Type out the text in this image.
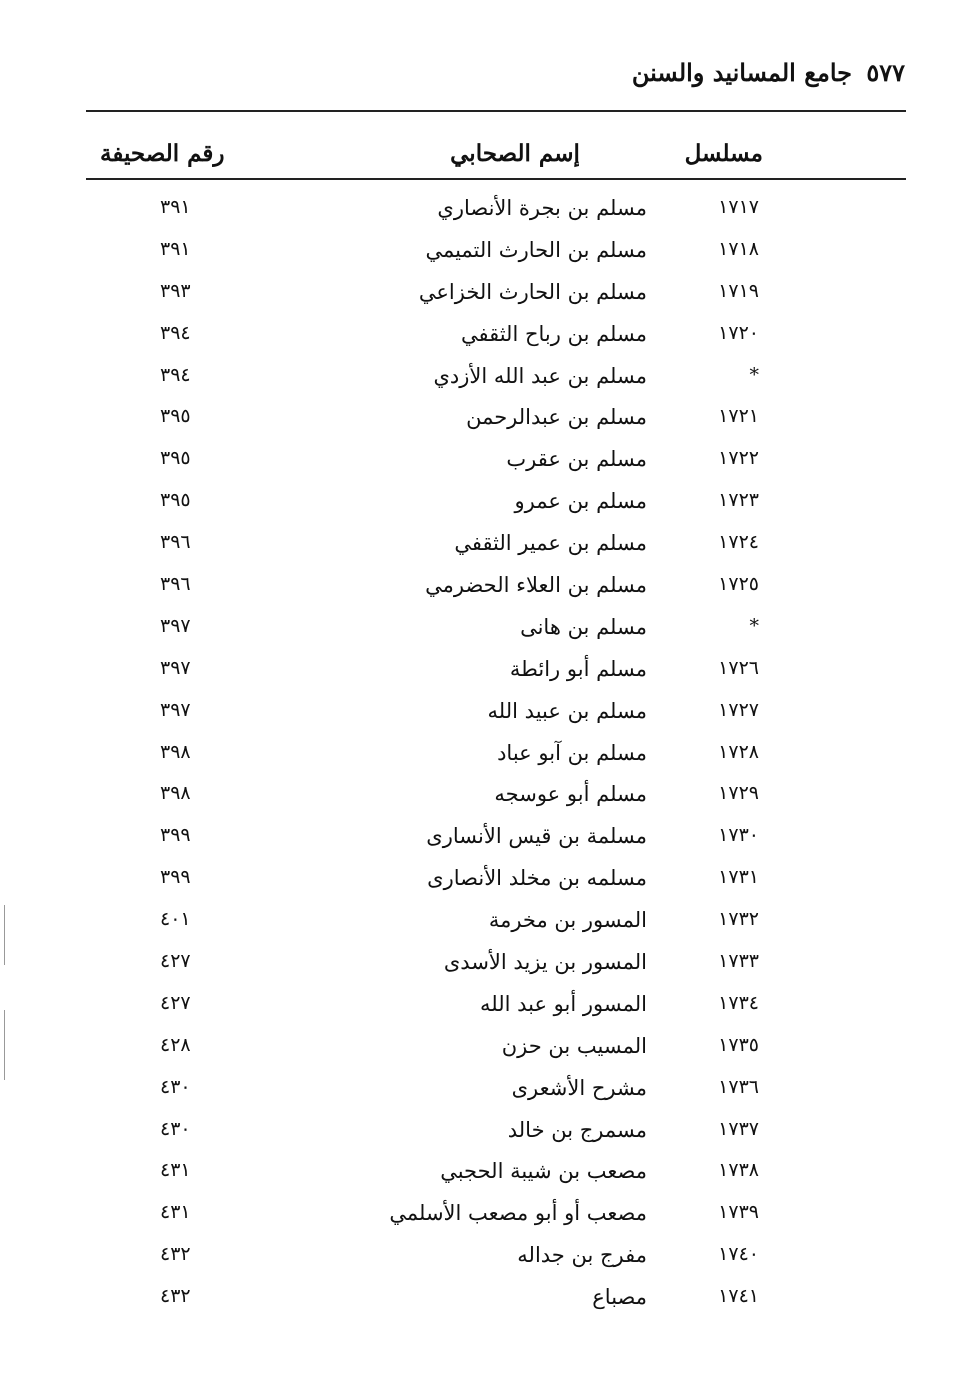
٥٧٧ جامع المسانيد والسنن
مسلسل
إسم الصحابي
رقم الصحيفة
١٧١٧
مسلم بن بجرة الأنصاري
٣٩١
١٧١٨
مسلم بن الحارث التميمي
٣٩١
١٧١٩
مسلم بن الحارث الخزاعي
٣٩٣
١٧٢٠
مسلم بن رباح الثقفي
٣٩٤
*
مسلم بن عبد الله الأزدي
٣٩٤
١٧٢١
مسلم بن عبدالرحمن
٣٩٥
١٧٢٢
مسلم بن عقرب
٣٩٥
١٧٢٣
مسلم بن عمرو
٣٩٥
١٧٢٤
مسلم بن عمير الثقفي
٣٩٦
١٧٢٥
مسلم بن العلاء الحضرمي
٣٩٦
*
مسلم بن هانى
٣٩٧
١٧٢٦
مسلم أبو رائطة
٣٩٧
١٧٢٧
مسلم بن عبيد الله
٣٩٧
١٧٢٨
مسلم بن آبو عباد
٣٩٨
١٧٢٩
مسلم أبو عوسجه
٣٩٨
١٧٣٠
مسلمة بن قيس الأنسارى
٣٩٩
١٧٣١
مسلمه بن مخلد الأنصارى
٣٩٩
١٧٣٢
المسور بن مخرمة
٤٠١
١٧٣٣
المسور بن يزيد الأسدى
٤٢٧
١٧٣٤
المسور أبو عبد الله
٤٢٧
١٧٣٥
المسيب بن حزن
٤٢٨
١٧٣٦
مشرح الأشعرى
٤٣٠
١٧٣٧
مسمرج بن خالد
٤٣٠
١٧٣٨
مصعب بن شيبة الحجبي
٤٣١
١٧٣٩
مصعب أو أبو مصعب الأسلمي
٤٣١
١٧٤٠
مفرج بن جداله
٤٣٢
١٧٤١
مصباع
٤٣٢
